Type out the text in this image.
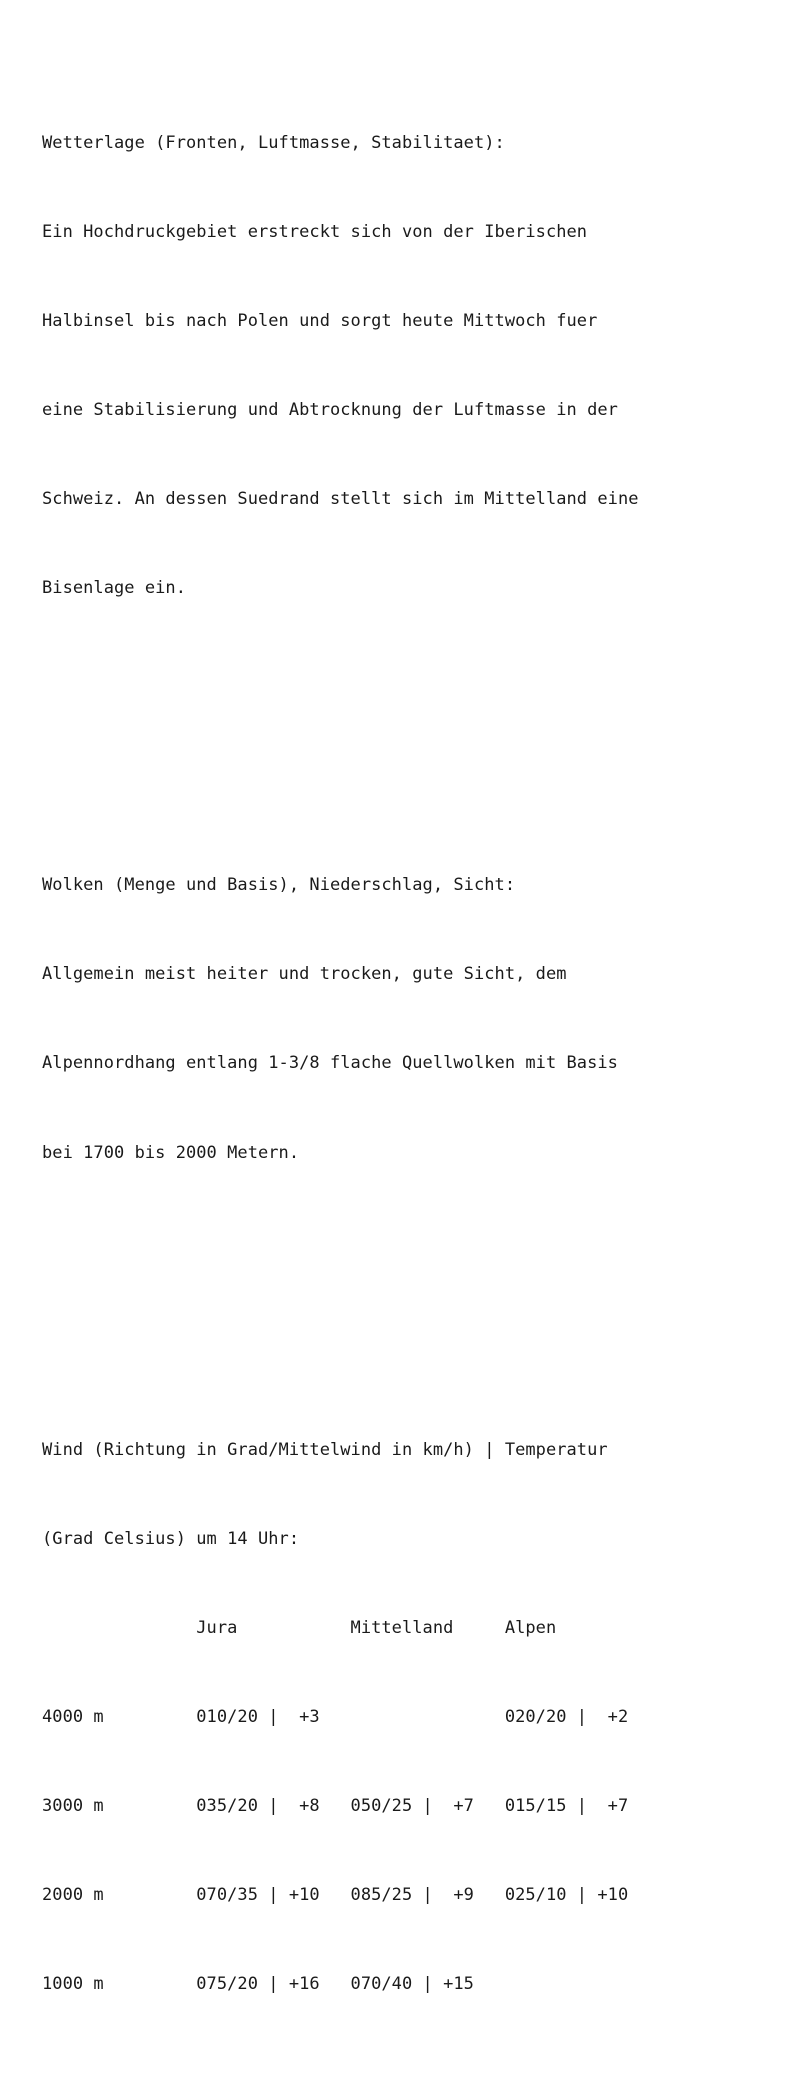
Wetterlage (Fronten, Luftmasse, Stabilitaet):

Ein Hochdruckgebiet erstreckt sich von der Iberischen

Halbinsel bis nach Polen und sorgt heute Mittwoch fuer

eine Stabilisierung und Abtrocknung der Luftmasse in der

Schweiz. An dessen Suedrand stellt sich im Mittelland eine

Bisenlage ein.

Wolken (Menge und Basis), Niederschlag, Sicht:

Allgemein meist heiter und trocken, gute Sicht, dem

Alpennordhang entlang 1-3/8 flache Quellwolken mit Basis

bei 1700 bis 2000 Metern.

Wind (Richtung in Grad/Mittelwind in km/h) | Temperatur

(Grad Celsius) um 14 Uhr:

Jura           Mittelland     Alpen

4000 m         010/20 |  +3                  020/20 |  +2

3000 m         035/20 |  +8   050/25 |  +7   015/15 |  +7

2000 m         070/35 | +10   085/25 |  +9   025/10 | +10

1000 m         075/20 | +16   070/40 | +15
